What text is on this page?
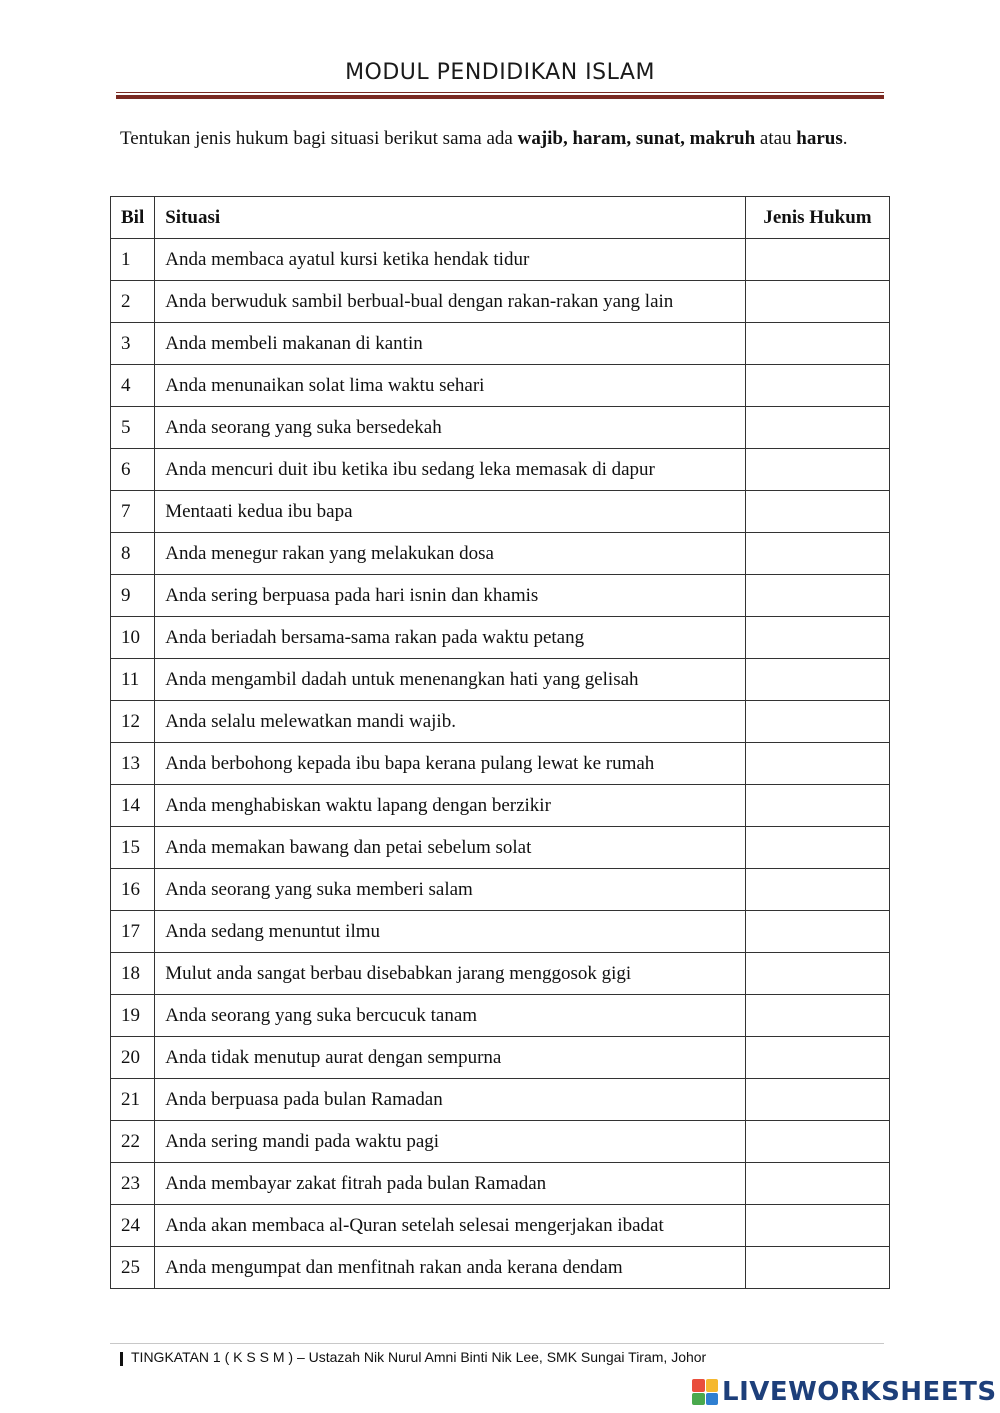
MODUL PENDIDIKAN ISLAM
Tentukan jenis hukum bagi situasi berikut sama ada wajib, haram, sunat, makruh atau harus.
Bil	Situasi	Jenis Hukum
1	Anda membaca ayatul kursi ketika hendak tidur	
2	Anda berwuduk sambil berbual-bual dengan rakan-rakan yang lain	
3	Anda membeli makanan di kantin	
4	Anda menunaikan solat lima waktu sehari	
5	Anda seorang yang suka bersedekah	
6	Anda mencuri duit ibu ketika ibu sedang leka memasak di dapur	
7	Mentaati kedua ibu bapa	
8	Anda menegur rakan yang melakukan dosa	
9	Anda sering berpuasa pada hari isnin dan khamis	
10	Anda beriadah bersama-sama rakan pada waktu petang	
11	Anda mengambil dadah untuk menenangkan hati yang gelisah	
12	Anda selalu melewatkan mandi wajib.	
13	Anda berbohong kepada ibu bapa kerana pulang lewat ke rumah	
14	Anda menghabiskan waktu lapang dengan berzikir	
15	Anda memakan bawang dan petai sebelum solat	
16	Anda seorang yang suka memberi salam	
17	Anda sedang menuntut ilmu	
18	Mulut anda sangat berbau disebabkan jarang menggosok gigi	
19	Anda seorang yang suka bercucuk tanam	
20	Anda tidak menutup aurat dengan sempurna	
21	Anda berpuasa pada bulan Ramadan	
22	Anda sering mandi pada waktu pagi	
23	Anda membayar zakat fitrah pada bulan Ramadan	
24	Anda akan membaca al-Quran setelah selesai mengerjakan ibadat	
25	Anda mengumpat dan menfitnah rakan anda kerana dendam	
TINGKATAN 1 ( K S S M ) – Ustazah Nik Nurul Amni Binti Nik Lee, SMK Sungai Tiram, Johor
LIVEWORKSHEETS
